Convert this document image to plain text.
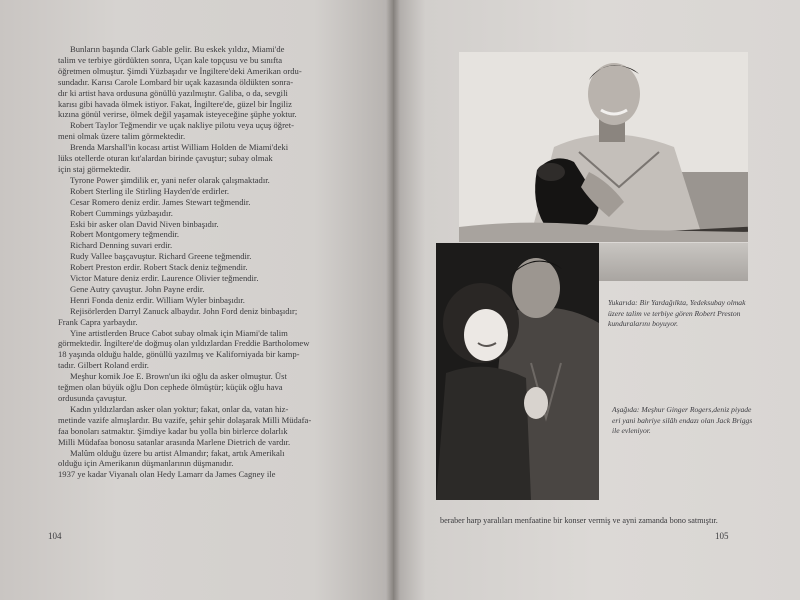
Bunların başında Clark Gable gelir. Bu eskek yıldız, Miami'de

talim ve terbiye gördükten sonra, Uçan kale topçusu ve bu sınıfta

öğretmen olmuştur. Şimdi Yüzbaşıdır ve İngiltere'deki Amerikan ordu-

sundadır. Karısı Carole Lombard bir uçak kazasında öldükten sonra-

dır ki artist hava ordusuna gönüllü yazılmıştır. Galiba, o da, sevgili

karısı gibi havada ölmek istiyor. Fakat, İngiltere'de, güzel bir İngiliz

kızına gönül verirse, ölmek değil yaşamak isteyeceğine şüphe yoktur.

Robert Taylor Teğmendir ve uçak nakliye pilotu veya uçuş öğret-

meni olmak üzere talim görmektedir.

Brenda Marshall'in kocası artist William Holden de Miami'deki

lüks otellerde oturan kıt'alardan birinde çavuştur; subay olmak

için staj görmektedir.

Tyrone Power şimdilik er, yani nefer olarak çalışmaktadır.

Robert Sterling ile Stirling Hayden'de erdirler.

Cesar Romero deniz erdir. James Stewart teğmendir.

Robert Cummings yüzbaşıdır.

Eski bir asker olan David Niven binbaşıdır.

Robert Montgomery teğmendir.

Richard Denning suvari erdir.

Rudy Vallee başçavuştur. Richard Greene teğmendir.

Robert Preston erdir. Robert Stack deniz teğmendir.

Victor Mature deniz erdir. Laurence Olivier teğmendir.

Gene Autry çavuştur. John Payne erdir.

Henri Fonda deniz erdir. William Wyler binbaşıdır.

Rejisörlerden Darryl Zanuck albaydır. John Ford deniz binbaşıdır;

Frank Capra yarbaydır.

Yine artistlerden Bruce Cabot subay olmak için Miami'de talim

görmektedir. İngiltere'de doğmuş olan yıldızlardan Freddie Bartholomew

18 yaşında olduğu halde, gönüllü yazılmış ve Kaliforniyada bir kamp-

tadır. Gilbert Roland erdir.

Meşhur komik Joe E. Brown'un iki oğlu da asker olmuştur. Üst

teğmen olan büyük oğlu Don cephede ölmüştür; küçük oğlu hava

ordusunda çavuştur.

Kadın yıldızlardan asker olan yoktur; fakat, onlar da, vatan hiz-

metinde vazife almışlardır. Bu vazife, şehir şehir dolaşarak Milli Müdafa-

faa bonoları satmaktır. Şimdiye kadar bu yolla bin birlerce dolarlık

Milli Müdafaa bonosu satanlar arasında Marlene Dietrich de vardır.

Malûm olduğu üzere bu artist Almandır; fakat, artık Amerikalı

olduğu için Amerikanın düşmanlarının düşmanıdır.

1937 ye kadar Viyanalı olan Hedy Lamarr da James Cagney ile

104
Yukarıda: Bir Yardağılkta, Yedeksubay olmak üzere talim ve terbiye gören Robert Preston kunduralarını boyuyor.
Aşağıda: Meşhur Ginger Rogers,deniz piyade eri yani bahriye silâh endazı olan Jack Briggs ile evleniyor.
beraber harp yaralıları menfaatine bir konser vermiş ve ayni zamanda bono satmıştır.
105
